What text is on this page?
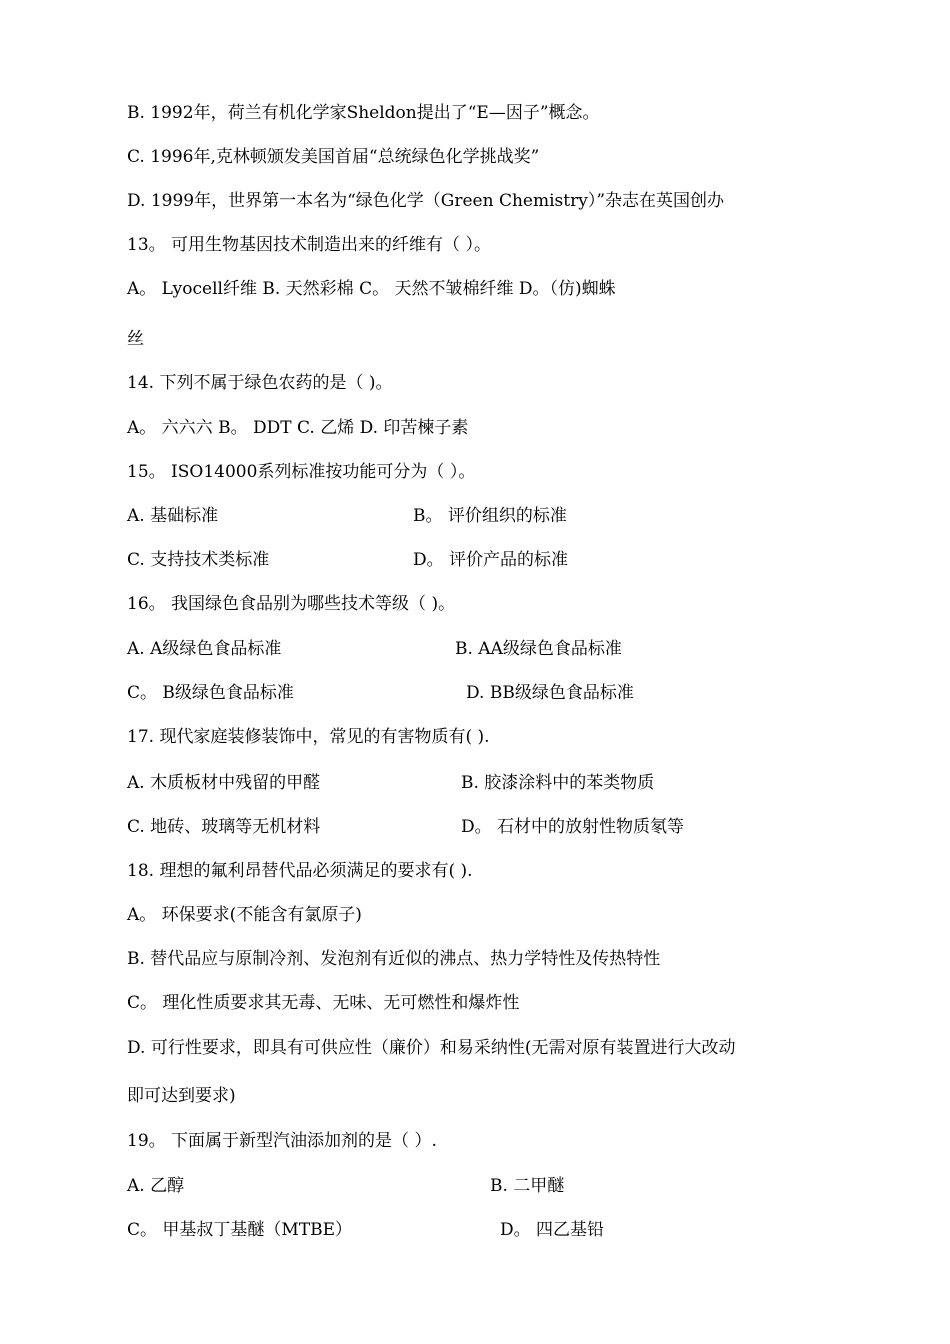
B. 1992年，荷兰有机化学家Sheldon提出了“E—因子”概念。
C. 1996年,克林顿颁发美国首届“总统绿色化学挑战奖”
D. 1999年，世界第一本名为“绿色化学（Green Chemistry）”杂志在英国创办
13。 可用生物基因技术制造出来的纤维有（ ）。
A。 Lyocell纤维 B. 天然彩棉 C。 天然不皱棉纤维 D。（仿)蜘蛛
丝
14. 下列不属于绿色农药的是（ )。
A。 六六六 B。 DDT C. 乙烯 D. 印苦楝子素
15。 ISO14000系列标准按功能可分为（ ）。
A. 基础标准	B。 评价组织的标准
C. 支持技术类标准	D。 评价产品的标准
16。 我国绿色食品别为哪些技术等级（ )。
A. A级绿色食品标准	B. AA级绿色食品标准
C。 B级绿色食品标准	D. BB级绿色食品标准
17. 现代家庭装修装饰中，常见的有害物质有( ).
A. 木质板材中残留的甲醛	B. 胶漆涂料中的苯类物质
C. 地砖、玻璃等无机材料	D。 石材中的放射性物质氡等
18. 理想的氟利昂替代品必须满足的要求有( ).
A。 环保要求(不能含有氯原子)
B. 替代品应与原制冷剂、发泡剂有近似的沸点、热力学特性及传热特性
C。 理化性质要求其无毒、无味、无可燃性和爆炸性
D. 可行性要求，即具有可供应性（廉价）和易采纳性(无需对原有装置进行大改动
即可达到要求)
19。 下面属于新型汽油添加剂的是（ ）.
A. 乙醇	B. 二甲醚
C。 甲基叔丁基醚（MTBE）	D。 四乙基铅
